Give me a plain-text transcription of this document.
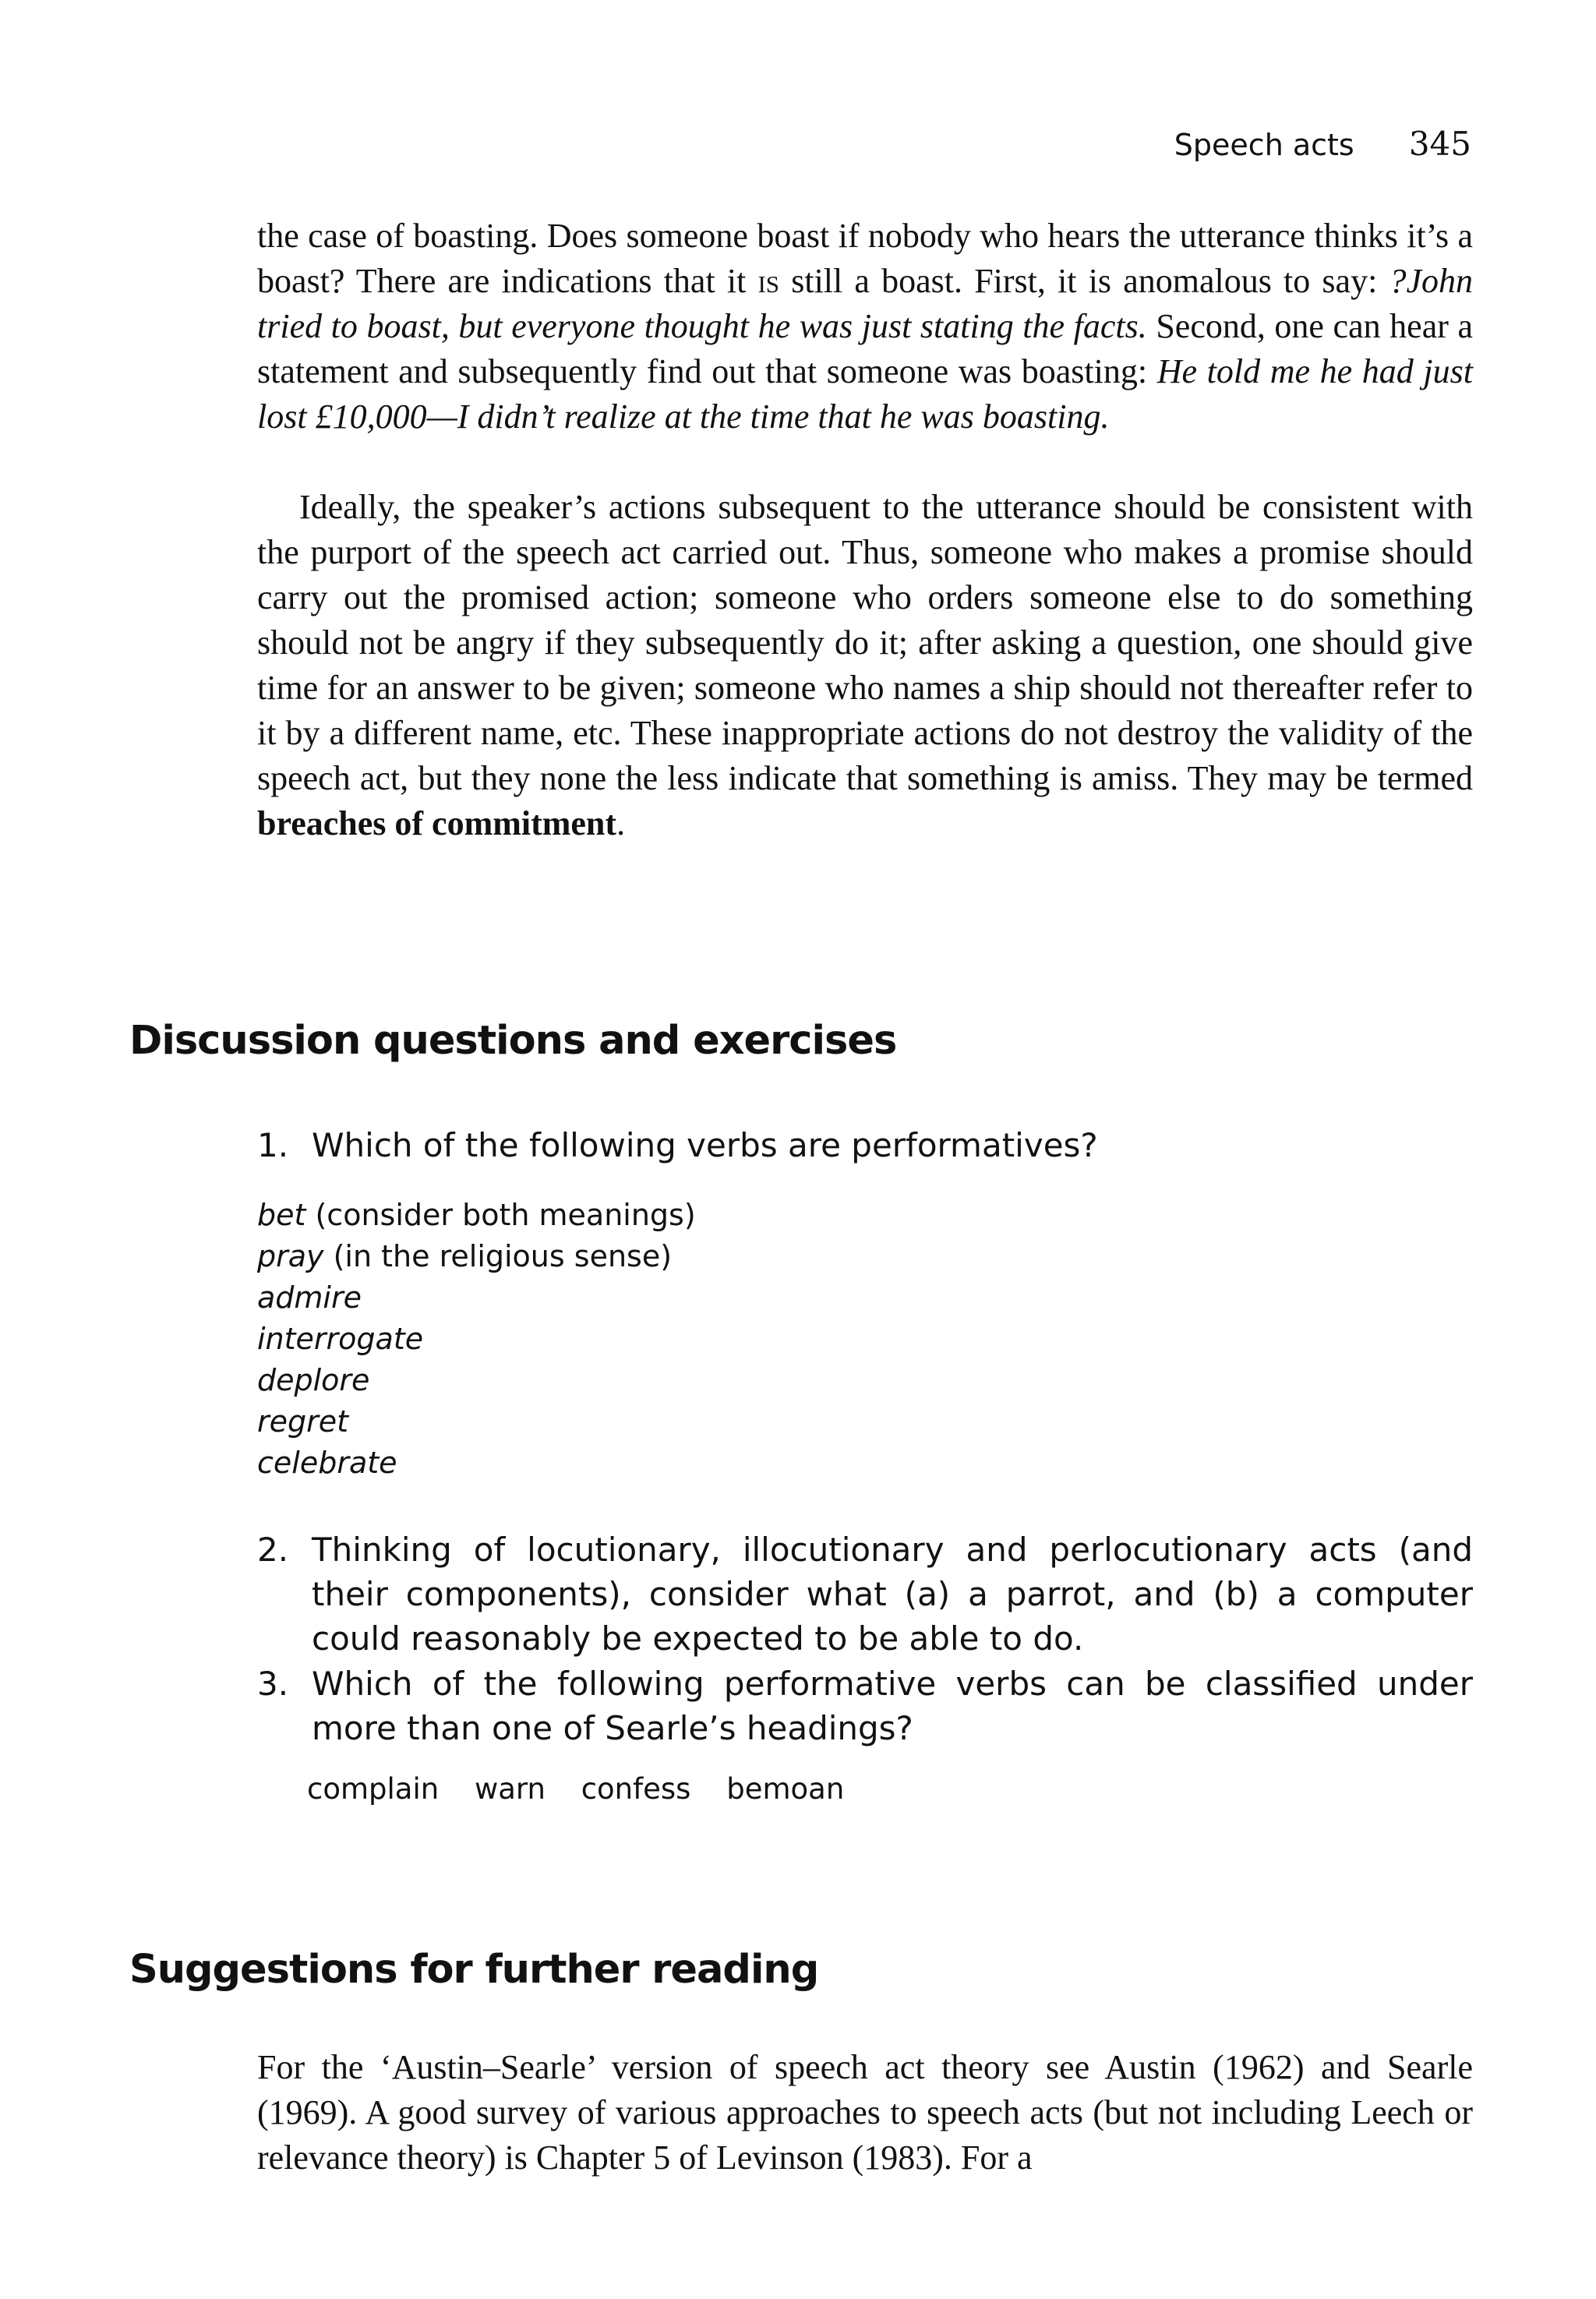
Speech acts 345

the case of boasting. Does someone boast if nobody who hears the utterance thinks it’s a boast? There are indications that it is still a boast. First, it is anomalous to say: ?John tried to boast, but everyone thought he was just stating the facts. Second, one can hear a statement and subsequently find out that someone was boasting: He told me he had just lost £10,000—I didn’t realize at the time that he was boasting.

Ideally, the speaker’s actions subsequent to the utterance should be consistent with the purport of the speech act carried out. Thus, someone who makes a promise should carry out the promised action; someone who orders someone else to do something should not be angry if they subsequently do it; after asking a question, one should give time for an answer to be given; someone who names a ship should not thereafter refer to it by a different name, etc. These inappropriate actions do not destroy the validity of the speech act, but they none the less indicate that something is amiss. They may be termed breaches of commitment.

Discussion questions and exercises
1. Which of the following verbs are performatives?
bet (consider both meanings)
pray (in the religious sense)
admire
interrogate
deplore
regret
celebrate
2. Thinking of locutionary, illocutionary and perlocutionary acts (and their components), consider what (a) a parrot, and (b) a computer could reasonably be expected to be able to do.
3. Which of the following performative verbs can be classified under more than one of Searle’s headings?
complain warn confess bemoan
Suggestions for further reading

For the ‘Austin–Searle’ version of speech act theory see Austin (1962) and Searle (1969). A good survey of various approaches to speech acts (but not including Leech or relevance theory) is Chapter 5 of Levinson (1983). For a
